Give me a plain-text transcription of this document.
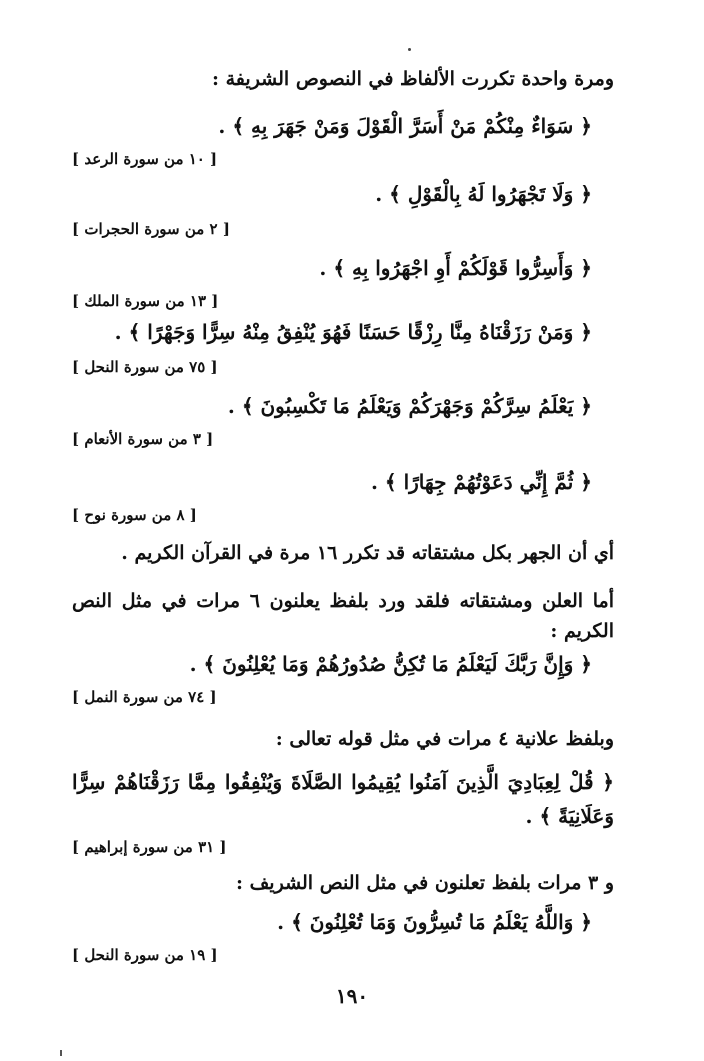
ومرة واحدة تكررت الألفاظ في النصوص الشريفة :
﴿ سَوَاءٌ مِنْكُمْ مَنْ أَسَرَّ الْقَوْلَ وَمَنْ جَهَرَ بِهِ ﴾ .
[ ١٠ من سورة الرعد ]
﴿ وَلَا تَجْهَرُوا لَهُ بِالْقَوْلِ ﴾ .
[ ٢ من سورة الحجرات ]
﴿ وَأَسِرُّوا قَوْلَكُمْ أَوِ اجْهَرُوا بِهِ ﴾ .
[ ١٣ من سورة الملك ]
﴿ وَمَنْ رَزَقْنَاهُ مِنَّا رِزْقًا حَسَنًا فَهُوَ يُنْفِقُ مِنْهُ سِرًّا وَجَهْرًا ﴾ .
[ ٧٥ من سورة النحل ]
﴿ يَعْلَمُ سِرَّكُمْ وَجَهْرَكُمْ وَيَعْلَمُ مَا تَكْسِبُونَ ﴾ .
[ ٣ من سورة الأنعام ]
﴿ ثُمَّ إِنِّي دَعَوْتُهُمْ جِهَارًا ﴾ .
[ ٨ من سورة نوح ]
أي أن الجهر بكل مشتقاته قد تكرر ١٦ مرة في القرآن الكريم .
أما العلن ومشتقاته فلقد ورد بلفظ يعلنون ٦ مرات في مثل النص
الكريم :
﴿ وَإِنَّ رَبَّكَ لَيَعْلَمُ مَا تُكِنُّ صُدُورُهُمْ وَمَا يُعْلِنُونَ ﴾ .
[ ٧٤ من سورة النمل ]
وبلفظ علانية ٤ مرات في مثل قوله تعالى :
﴿ قُلْ لِعِبَادِيَ الَّذِينَ آمَنُوا يُقِيمُوا الصَّلَاةَ وَيُنْفِقُوا مِمَّا رَزَقْنَاهُمْ سِرًّا
وَعَلَانِيَةً ﴾ .
[ ٣١ من سورة إبراهيم ]
و ٣ مرات بلفظ تعلنون في مثل النص الشريف :
﴿ وَاللَّهُ يَعْلَمُ مَا تُسِرُّونَ وَمَا تُعْلِنُونَ ﴾ .
[ ١٩ من سورة النحل ]
١٩٠
